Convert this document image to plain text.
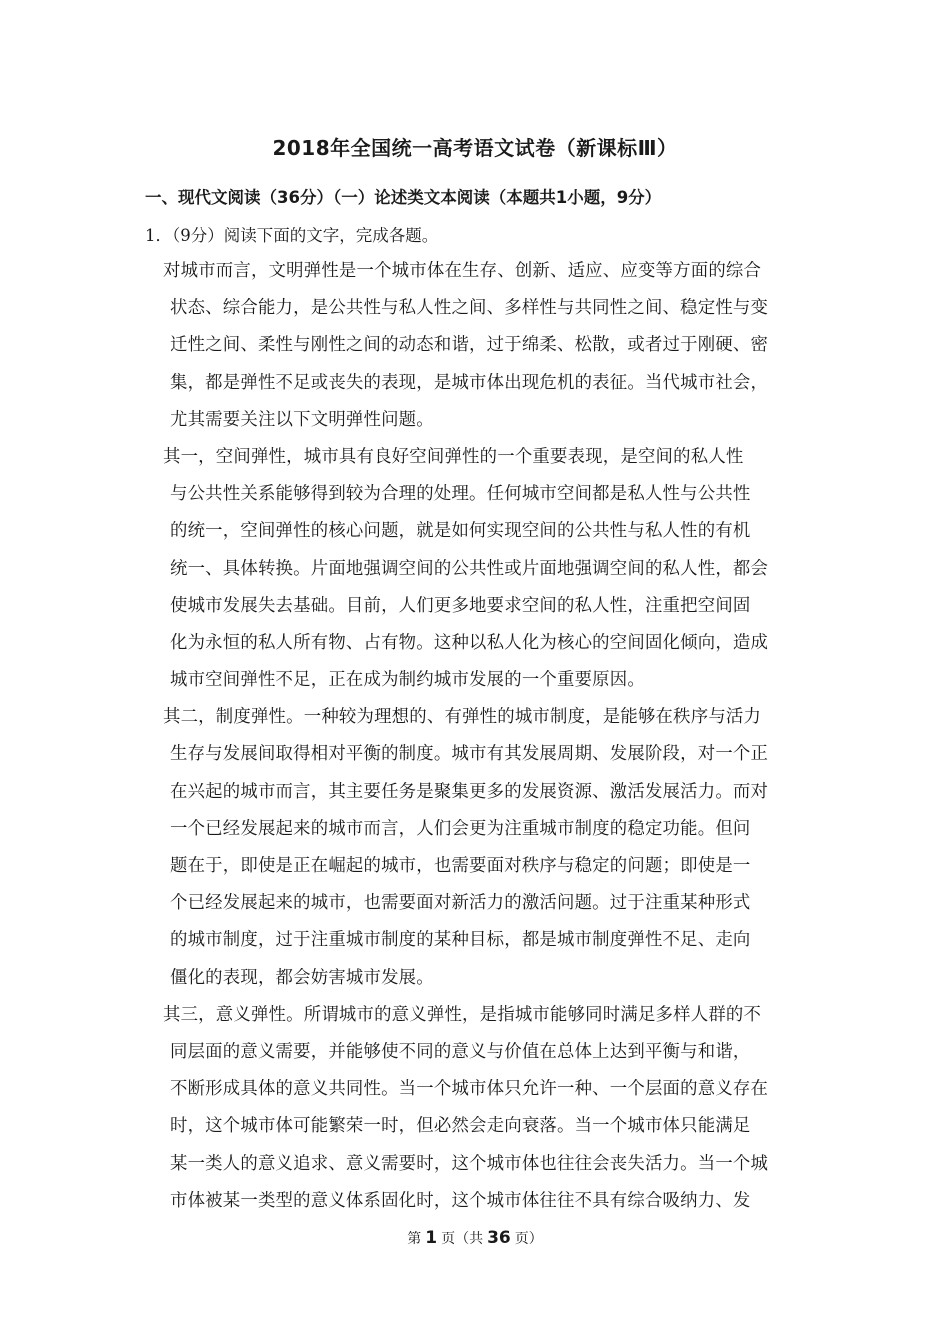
2018年全国统一高考语文试卷（新课标Ⅲ）

一、现代文阅读（36分）（一）论述类文本阅读（本题共1小题，9分）

1．（9分）阅读下面的文字，完成各题。

对城市而言，文明弹性是一个城市体在生存、创新、适应、应变等方面的综合
状态、综合能力，是公共性与私人性之间、多样性与共同性之间、稳定性与变
迁性之间、柔性与刚性之间的动态和谐，过于绵柔、松散，或者过于刚硬、密
集，都是弹性不足或丧失的表现，是城市体出现危机的表征。当代城市社会，
尤其需要关注以下文明弹性问题。
其一，空间弹性，城市具有良好空间弹性的一个重要表现，是空间的私人性
与公共性关系能够得到较为合理的处理。任何城市空间都是私人性与公共性
的统一，空间弹性的核心问题，就是如何实现空间的公共性与私人性的有机
统一、具体转换。片面地强调空间的公共性或片面地强调空间的私人性，都会
使城市发展失去基础。目前，人们更多地要求空间的私人性，注重把空间固
化为永恒的私人所有物、占有物。这种以私人化为核心的空间固化倾向，造成
城市空间弹性不足，正在成为制约城市发展的一个重要原因。
其二，制度弹性。一种较为理想的、有弹性的城市制度，是能够在秩序与活力
生存与发展间取得相对平衡的制度。城市有其发展周期、发展阶段，对一个正
在兴起的城市而言，其主要任务是聚集更多的发展资源、激活发展活力。而对
一个已经发展起来的城市而言，人们会更为注重城市制度的稳定功能。但问
题在于，即使是正在崛起的城市，也需要面对秩序与稳定的问题；即使是一
个已经发展起来的城市，也需要面对新活力的激活问题。过于注重某种形式
的城市制度，过于注重城市制度的某种目标，都是城市制度弹性不足、走向
僵化的表现，都会妨害城市发展。
其三，意义弹性。所谓城市的意义弹性，是指城市能够同时满足多样人群的不
同层面的意义需要，并能够使不同的意义与价值在总体上达到平衡与和谐，
不断形成具体的意义共同性。当一个城市体只允许一种、一个层面的意义存在
时，这个城市体可能繁荣一时，但必然会走向衰落。当一个城市体只能满足
某一类人的意义追求、意义需要时，这个城市体也往往会丧失活力。当一个城
市体被某一类型的意义体系固化时，这个城市体往往不具有综合吸纳力、发

第 1 页（共 36 页）
